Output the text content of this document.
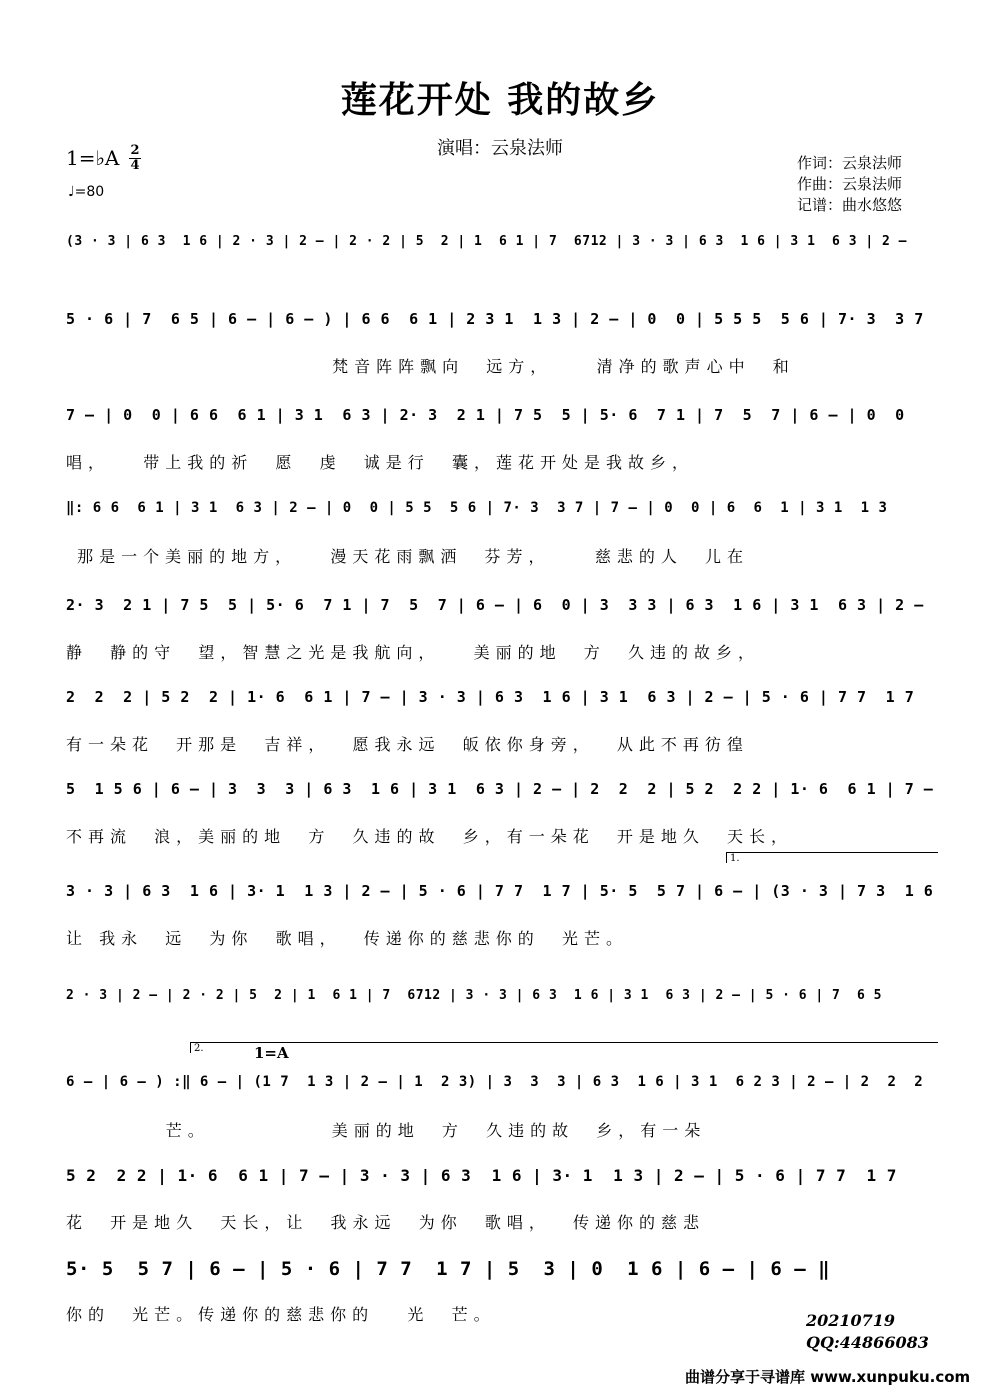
莲花开处 我的故乡
演唱：云泉法师
1=♭A 2
4
♩=80
作词：云泉法师
作曲：云泉法师
记谱：曲水悠悠
(3 · 3 | 6 3  1 6 | 2 · 3 | 2 – | 2 · 2 | 5  2 | 1  6 1 | 7  6712 | 3 · 3 | 6 3  1 6 | 3 1  6 3 | 2 –
5 · 6 | 7  6 5 | 6 – | 6 – ) | 6 6  6 1 | 2 3 1  1 3 | 2 – | 0  0 | 5 5 5  5 6 | 7· 3  3 7
梵音阵阵飘向  远方，    清净的歌声心中  和
7 – | 0  0 | 6 6  6 1 | 3 1  6 3 | 2· 3  2 1 | 7 5  5 | 5· 6  7 1 | 7  5  7 | 6 – | 0  0
唱，   带上我的祈  愿  虔  诚是行  囊，莲花开处是我故乡，
‖: 6 6  6 1 | 3 1  6 3 | 2 – | 0  0 | 5 5  5 6 | 7· 3  3 7 | 7 – | 0  0 | 6  6  1 | 3 1  1 3
那是一个美丽的地方，   漫天花雨飘洒  芬芳，    慈悲的人  儿在
2· 3  2 1 | 7 5  5 | 5· 6  7 1 | 7  5  7 | 6 – | 6  0 | 3  3 3 | 6 3  1 6 | 3 1  6 3 | 2 –
静  静的守  望，智慧之光是我航向，   美丽的地  方  久违的故乡，
2  2  2 | 5 2  2 | 1· 6  6 1 | 7 – | 3 · 3 | 6 3  1 6 | 3 1  6 3 | 2 – | 5 · 6 | 7 7  1 7
有一朵花  开那是  吉祥，  愿我永远  皈依你身旁，  从此不再彷徨
5  1 5 6 | 6 – | 3  3  3 | 6 3  1 6 | 3 1  6 3 | 2 – | 2  2  2 | 5 2  2 2 | 1· 6  6 1 | 7 –
不再流  浪，美丽的地  方  久违的故  乡，有一朵花  开是地久  天长，
3 · 3 | 6 3  1 6 | 3· 1  1 3 | 2 – | 5 · 6 | 7 7  1 7 | 5· 5  5 7 | 6 – | (3 · 3 | 7 3  1 6
让 我永  远  为你  歌唱，  传递你的慈悲你的  光芒。
2 · 3 | 2 – | 2 · 2 | 5  2 | 1  6 1 | 7  6712 | 3 · 3 | 6 3  1 6 | 3 1  6 3 | 2 – | 5 · 6 | 7  6 5
6 – | 6 – ) :‖ 6 – | (1 7  1 3 | 2 – | 1  2 3) | 3  3  3 | 6 3  1 6 | 3 1  6 2 3 | 2 – | 2  2  2
芒。           美丽的地  方  久违的故  乡，有一朵
5 2  2 2 | 1· 6  6 1 | 7 – | 3 · 3 | 6 3  1 6 | 3· 1  1 3 | 2 – | 5 · 6 | 7 7  1 7
花  开是地久  天长，让  我永远  为你  歌唱，  传递你的慈悲
5· 5  5 7 | 6 – | 5 · 6 | 7 7  1 7 | 5  3 | 0  1 6 | 6 – | 6 – ‖
你的  光芒。传递你的慈悲你的   光  芒。
1.
2.	1=A
20210719
QQ:44866083
曲谱分享于寻谱库 www.xunpuku.com
